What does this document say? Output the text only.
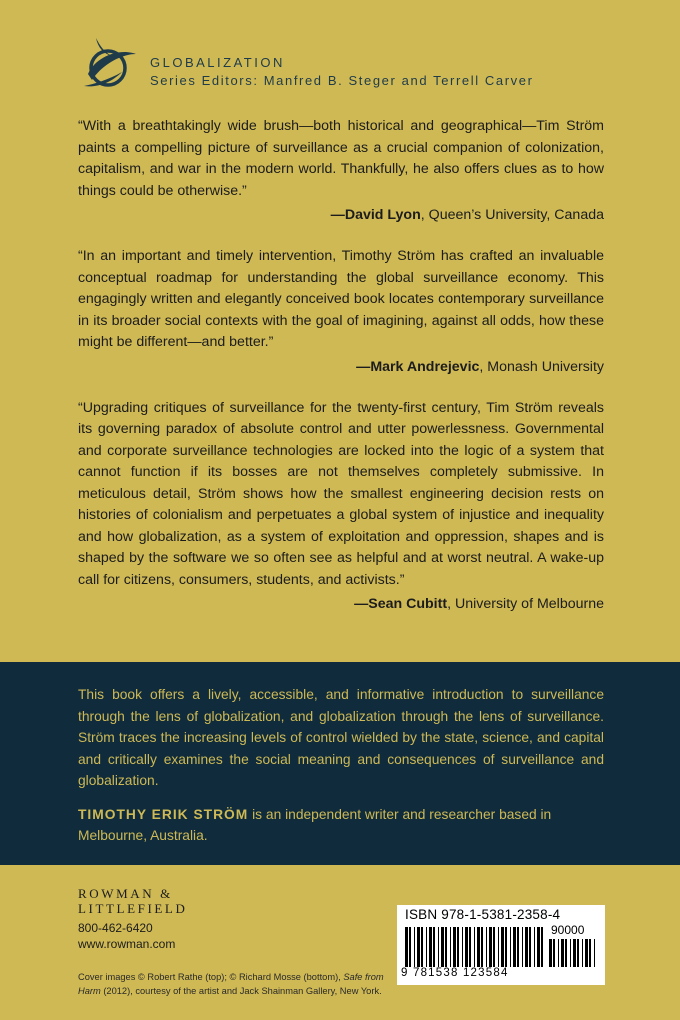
GLOBALIZATION
Series Editors: Manfred B. Steger and Terrell Carver

“With a breathtakingly wide brush—both historical and geographical—Tim Ström paints a compelling picture of surveillance as a crucial companion of colonization, capitalism, and war in the modern world. Thankfully, he also offers clues as to how things could be otherwise.”

—David Lyon, Queen’s University, Canada

“In an important and timely intervention, Timothy Ström has crafted an invaluable conceptual roadmap for understanding the global surveillance economy. This engagingly written and elegantly conceived book locates contemporary surveillance in its broader social contexts with the goal of imagining, against all odds, how these might be different—and better.”

—Mark Andrejevic, Monash University

“Upgrading critiques of surveillance for the twenty-first century, Tim Ström reveals its governing paradox of absolute control and utter powerlessness. Governmental and corporate surveillance technologies are locked into the logic of a system that cannot function if its bosses are not themselves completely submissive. In meticulous detail, Ström shows how the smallest engineering decision rests on histories of colonialism and perpetuates a global system of injustice and inequality and how globalization, as a system of exploitation and oppression, shapes and is shaped by the software we so often see as helpful and at worst neutral. A wake-up call for citizens, consumers, students, and activists.”

—Sean Cubitt, University of Melbourne

This book offers a lively, accessible, and informative introduction to surveillance through the lens of globalization, and globalization through the lens of surveillance. Ström traces the increasing levels of control wielded by the state, science, and capital and critically examines the social meaning and consequences of surveillance and globalization.

TIMOTHY ERIK STRÖM is an independent writer and researcher based in Melbourne, Australia.

ROWMAN &
LITTLEFIELD
800-462-6420
www.rowman.com
Cover images © Robert Rathe (top); © Richard Mosse (bottom), Safe from Harm (2012), courtesy of the artist and Jack Shainman Gallery, New York.
ISBN 978-1-5381-2358-4
90000
9 781538 123584
